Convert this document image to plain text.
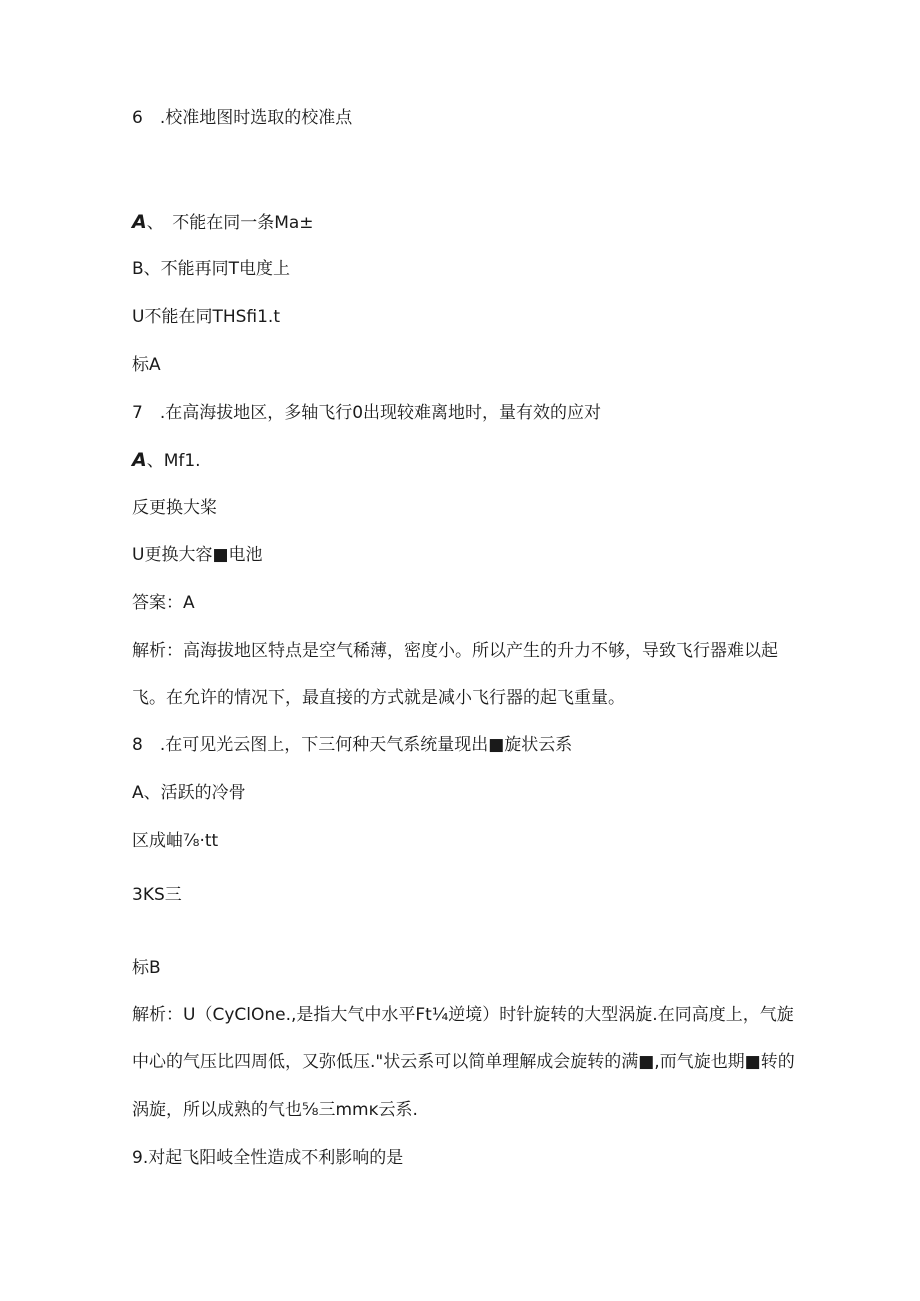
6　.校准地图时选取的校准点
A、　不能在同一条Ma±
B、不能再同T电度上
U不能在同THSfi1.t
标A
7　.在高海拔地区，多轴飞行0出现较难离地时，量有效的应对
A、Mf1.
反更换大桨
U更换大容■电池
答案：A
解析：高海拔地区特点是空气稀薄，密度小。所以产生的升力不够，导致飞行器难以起
飞。在允许的情况下，最直接的方式就是减小飞行器的起飞重量。
8　.在可见光云图上，下三何种天气系统量现出■旋状云系
A、活跃的冷骨
区成岫⅞·tt
3KS三
标B
解析：U（CyClOne.,是指大气中水平Ft¼逆境）时针旋转的大型涡旋.在同高度上，气旋
中心的气压比四周低，又弥低压."状云系可以简单理解成会旋转的满■,而气旋也期■转的
涡旋，所以成熟的气也⅝三mmĸ云系.
9.对起飞阳岐全性造成不利影响的是
